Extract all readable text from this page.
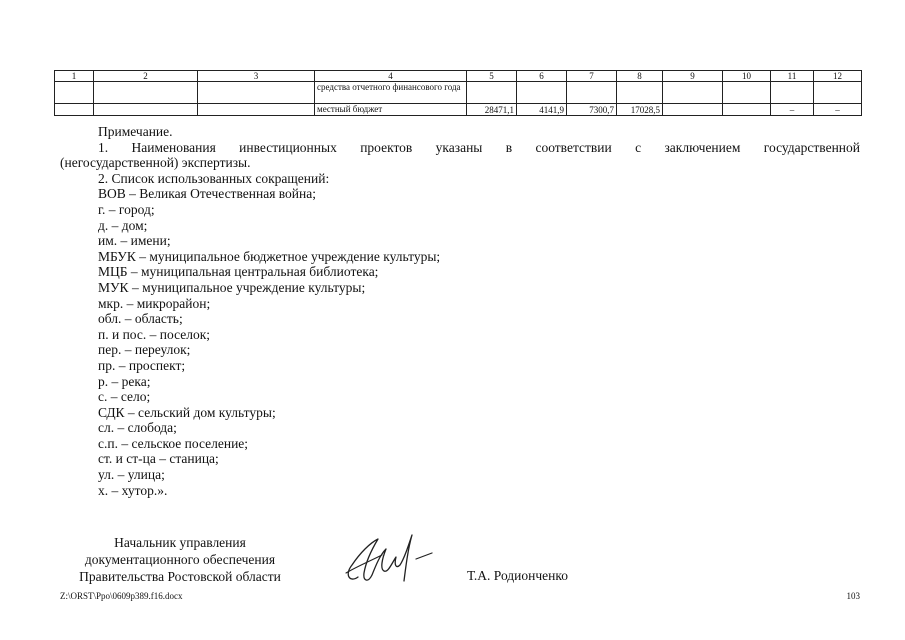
1	2	3	4	5	6	7	8	9	10	11	12
			средства отчетного финансового года								
			местный бюджет	28471,1	4141,9	7300,7	17028,5			–	–

Примечание.

1. Наименования инвестиционных проектов указаны в соответствии с заключением государственной

(негосударственной) экспертизы.

2. Список использованных сокращений:

ВОВ – Великая Отечественная война;

г. – город;

д. – дом;

им. – имени;

МБУК – муниципальное бюджетное учреждение культуры;

МЦБ – муниципальная центральная библиотека;

МУК – муниципальное учреждение культуры;

мкр. – микрорайон;

обл. – область;

п. и пос. – поселок;

пер. – переулок;

пр. – проспект;

р. – река;

с. – село;

СДК – сельский дом культуры;

сл. – слобода;

с.п. – сельское поселение;

ст. и ст-ца – станица;

ул. – улица;

х. – хутор.».

Начальник управления
документационного обеспечения
Правительства Ростовской области	Т.А. Родионченко
Z:\ORST\Ppo\0609p389.f16.docx	103
